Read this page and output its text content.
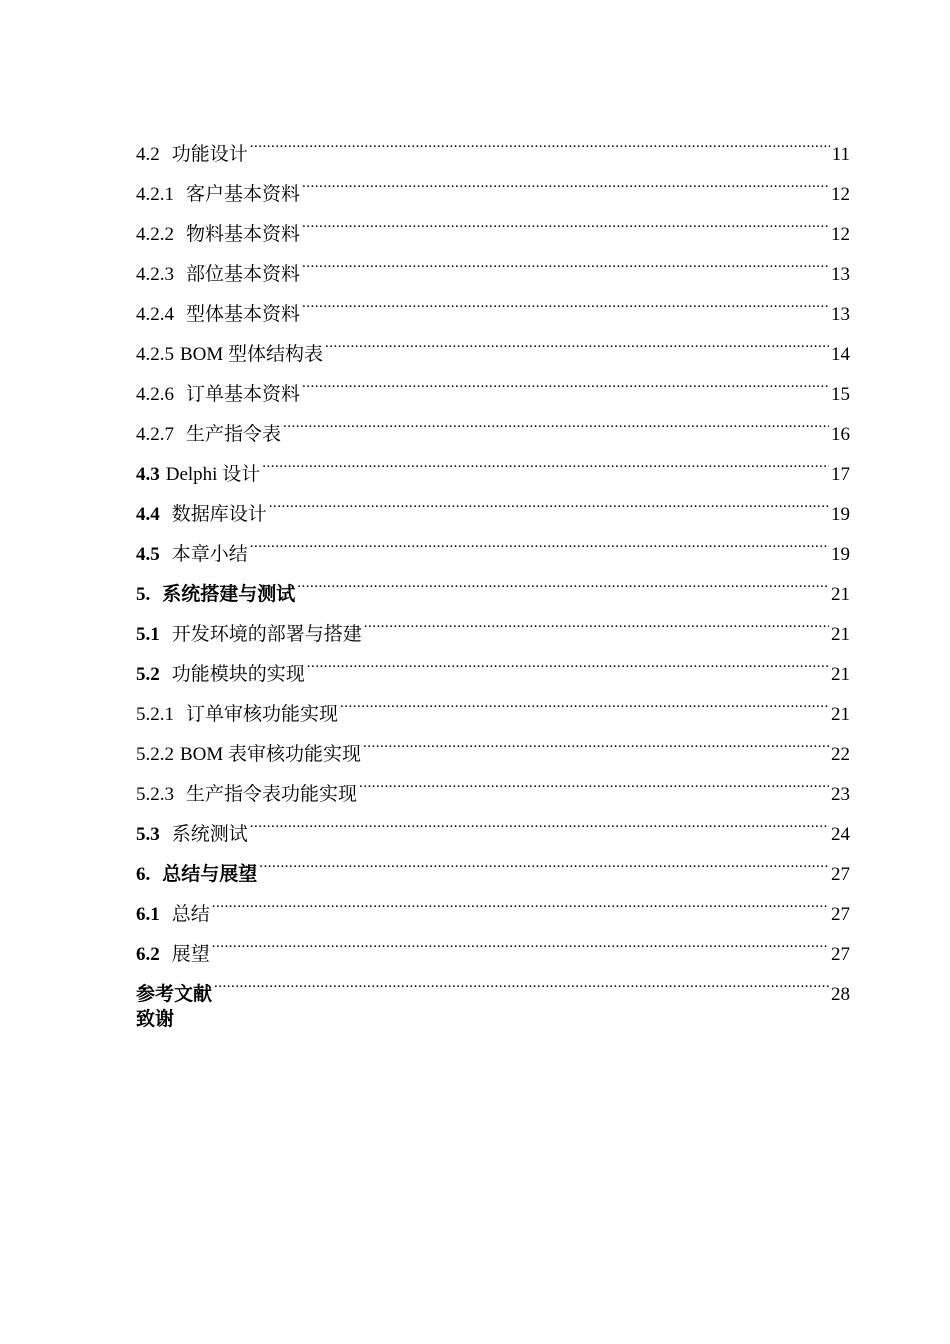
4.2 功能设计 .....	11
4.2.1 客户基本资料 .....	12
4.2.2 物料基本资料 .....	12
4.2.3 部位基本资料 .....	13
4.2.4 型体基本资料 .....	13
4.2.5 BOM 型体结构表 .....	14
4.2.6 订单基本资料 .....	15
4.2.7 生产指令表 .....	16
4.3 Delphi 设计 .....	17
4.4 数据库设计 .....	19
4.5 本章小结 .....	19
5. 系统搭建与测试 .....	21
5.1 开发环境的部署与搭建 .....	21
5.2 功能模块的实现 .....	21
5.2.1 订单审核功能实现 .....	21
5.2.2 BOM 表审核功能实现 .....	22
5.2.3 生产指令表功能实现 .....	23
5.3 系统测试 .....	24
6. 总结与展望 .....	27
6.1 总结 .....	27
6.2 展望 .....	27
参考文献 .....	28
致谢
